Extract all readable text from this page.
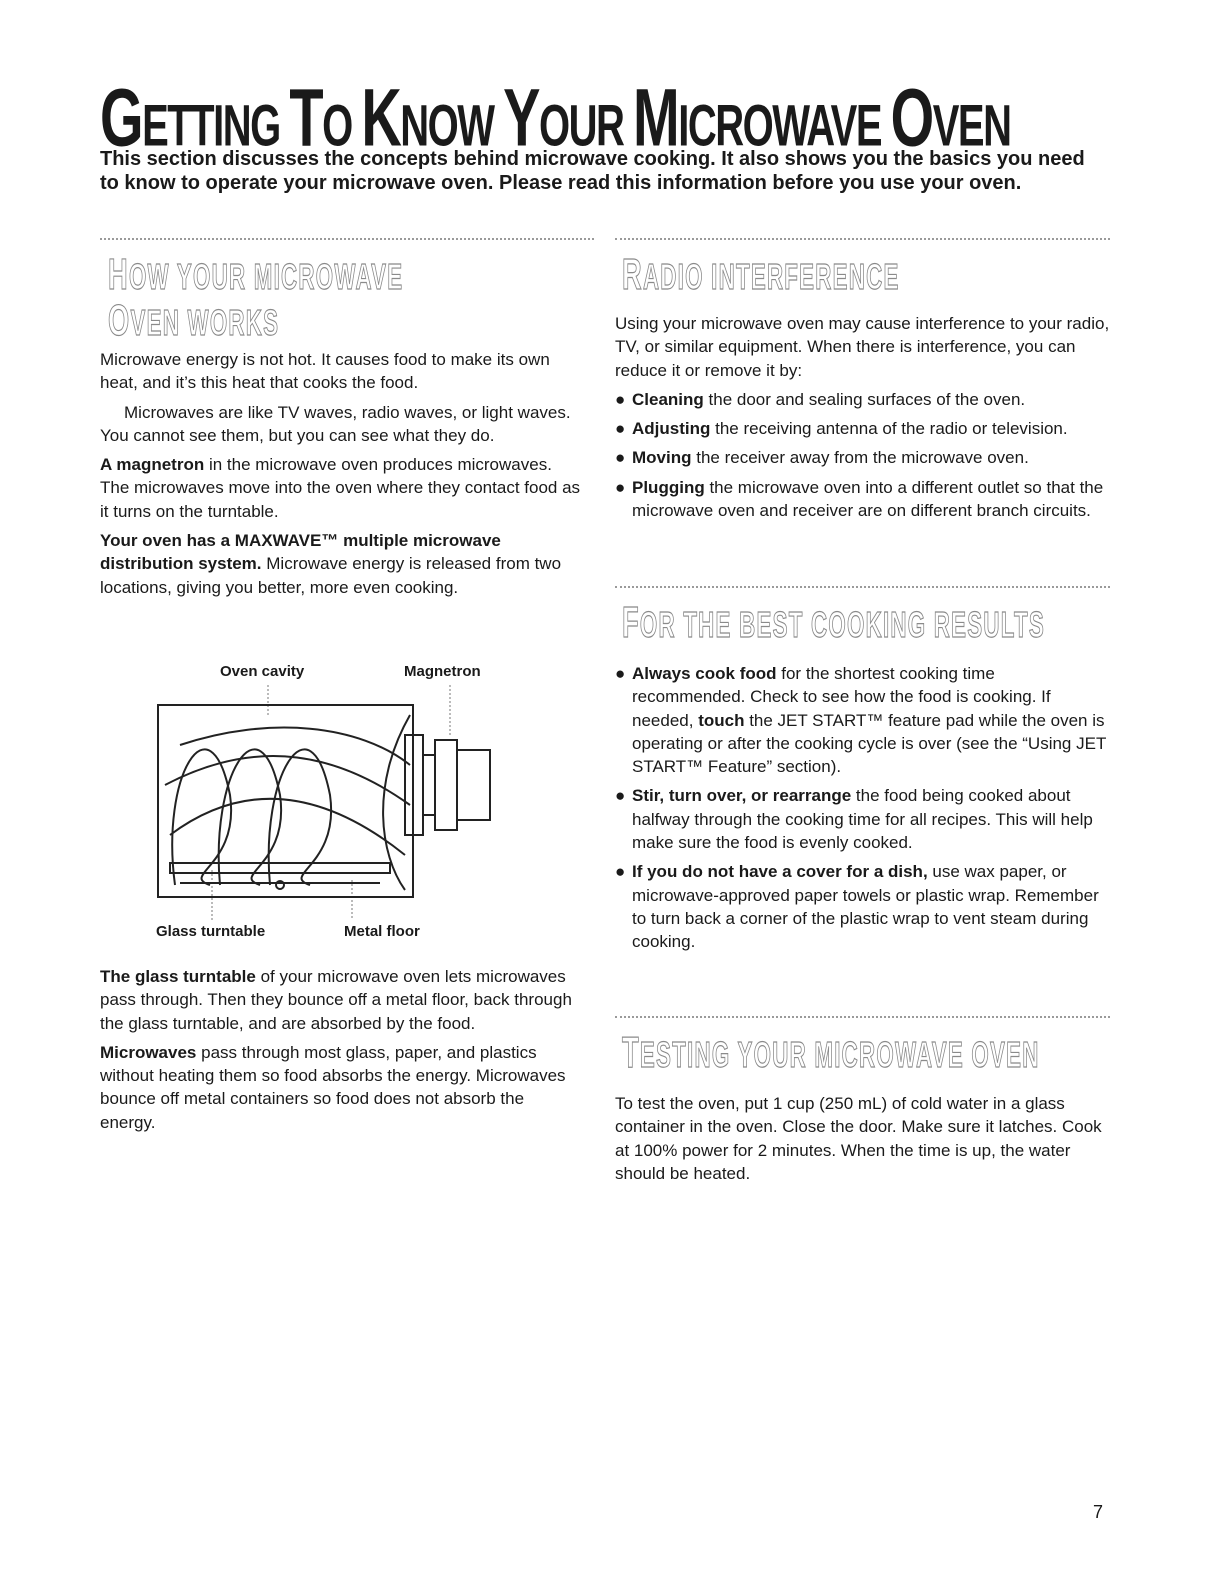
GETTING TO KNOW YOUR MICROWAVE OVEN

This section discusses the concepts behind microwave cooking. It also shows you the basics you need to know to operate your microwave oven. Please read this information before you use your oven.

HOW YOUR MICROWAVE
OVEN WORKS

Microwave energy is not hot. It causes food to make its own heat, and it’s this heat that cooks the food.

Microwaves are like TV waves, radio waves, or light waves. You cannot see them, but you can see what they do.

A magnetron in the microwave oven produces microwaves. The microwaves move into the oven where they contact food as it turns on the turntable.

Your oven has a MAXWAVE™ multiple microwave distribution system. Microwave energy is released from two locations, giving you better, more even cooking.

Oven cavity	Magnetron
Glass turntable	Metal floor

The glass turntable of your microwave oven lets microwaves pass through. Then they bounce off a metal floor, back through the glass turntable, and are absorbed by the food.

Microwaves pass through most glass, paper, and plastics without heating them so food absorbs the energy. Microwaves bounce off metal containers so food does not absorb the energy.

RADIO INTERFERENCE

Using your microwave oven may cause interference to your radio, TV, or similar equipment. When there is interference, you can reduce it or remove it by:

● Cleaning the door and sealing surfaces of the oven.

● Adjusting the receiving antenna of the radio or television.

● Moving the receiver away from the microwave oven.

● Plugging the microwave oven into a different outlet so that the microwave oven and receiver are on different branch circuits.

FOR THE BEST COOKING RESULTS

● Always cook food for the shortest cooking time recommended. Check to see how the food is cooking. If needed, touch the JET START™ feature pad while the oven is operating or after the cooking cycle is over (see the “Using JET START™ Feature” section).

● Stir, turn over, or rearrange the food being cooked about halfway through the cooking time for all recipes. This will help make sure the food is evenly cooked.

● If you do not have a cover for a dish, use wax paper, or microwave-approved paper towels or plastic wrap. Remember to turn back a corner of the plastic wrap to vent steam during cooking.

TESTING YOUR MICROWAVE OVEN

To test the oven, put 1 cup (250 mL) of cold water in a glass container in the oven. Close the door. Make sure it latches. Cook at 100% power for 2 minutes. When the time is up, the water should be heated.

7
